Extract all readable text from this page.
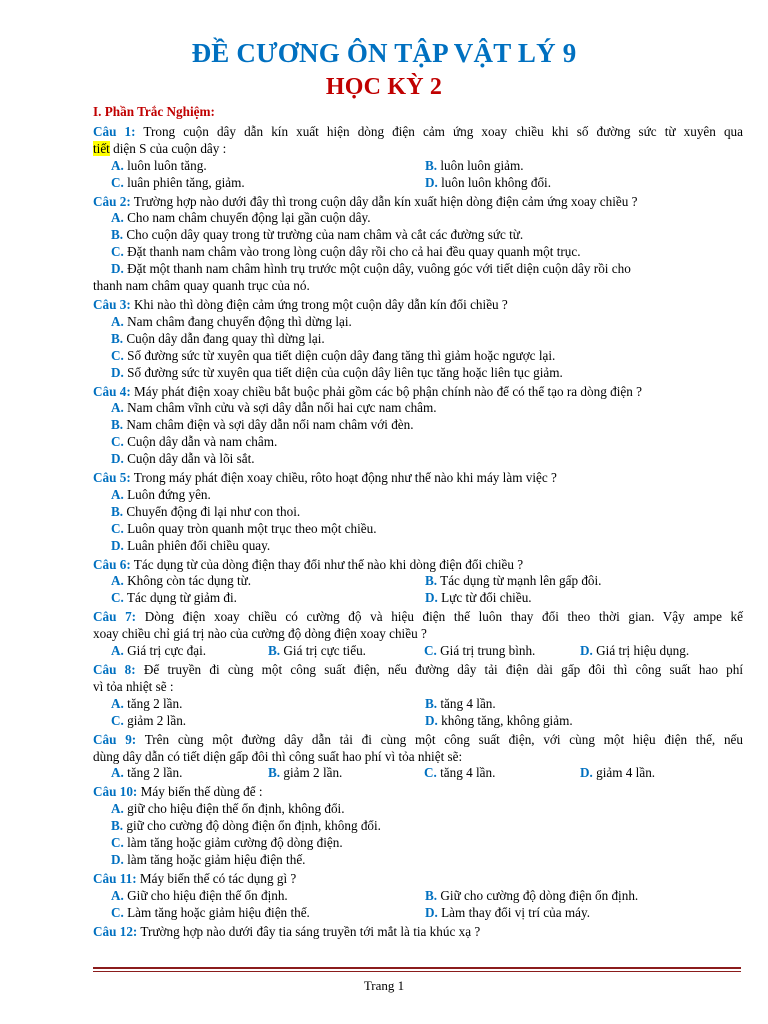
ĐỀ CƯƠNG ÔN TẬP VẬT LÝ 9
HỌC KỲ 2
I. Phần Trắc Nghiệm:
Câu 1: Trong cuộn dây dẫn kín xuất hiện dòng điện cảm ứng xoay chiều khi số đường sức từ xuyên qua
tiết diện S của cuộn dây :
A. luôn luôn tăng.	B. luôn luôn giảm.
C. luân phiên tăng, giảm.	D. luôn luôn không đổi.
Câu 2: Trường hợp nào dưới đây thì trong cuộn dây dẫn kín xuất hiện dòng điện cảm ứng xoay chiều ?
A. Cho nam châm chuyển động lại gần cuộn dây.
B. Cho cuộn dây quay trong từ trường của nam châm và cắt các đường sức từ.
C. Đặt thanh nam châm vào trong lòng cuộn dây rồi cho cả hai đều quay quanh một trục.
D. Đặt một thanh nam châm hình trụ trước một cuộn dây, vuông góc với tiết diện cuộn dây rồi cho
thanh nam châm quay quanh trục của nó.
Câu 3: Khi nào thì dòng điện cảm ứng trong một cuộn dây dẫn kín đổi chiều ?
A. Nam châm đang chuyển động thì dừng lại.
B. Cuộn dây dẫn đang quay thì dừng lại.
C. Số đường sức từ xuyên qua tiết diện cuộn dây đang tăng thì giảm hoặc ngược lại.
D. Số đường sức từ xuyên qua tiết diện của cuộn dây liên tục tăng hoặc liên tục giảm.
Câu 4: Máy phát điện xoay chiều bắt buộc phải gồm các bộ phận chính nào để có thể tạo ra dòng điện ?
A. Nam châm vĩnh cửu và sợi dây dẫn nối hai cực nam châm.
B. Nam châm điện và sợi dây dẫn nối nam châm với đèn.
C. Cuộn dây dẫn và nam châm.
D. Cuộn dây dẫn và lõi sắt.
Câu 5: Trong máy phát điện xoay chiều, rôto hoạt động như thế nào khi máy làm việc ?
A. Luôn đứng yên.
B. Chuyển động đi lại như con thoi.
C. Luôn quay tròn quanh một trục theo một chiều.
D. Luân phiên đổi chiều quay.
Câu 6: Tác dụng từ của dòng điện thay đổi như thế nào khi dòng điện đổi chiều ?
A. Không còn tác dụng từ.	B. Tác dụng từ mạnh lên gấp đôi.
C. Tác dụng từ giảm đi.	D. Lực từ đổi chiều.
Câu 7: Dòng điện xoay chiều có cường độ và hiệu điện thế luôn thay đổi theo thời gian. Vậy ampe kế
xoay chiều chỉ giá trị nào của cường độ dòng điện xoay chiều ?
A. Giá trị cực đại.	B. Giá trị cực tiểu.	C. Giá trị trung bình.	D. Giá trị hiệu dụng.
Câu 8: Để truyền đi cùng một công suất điện, nếu đường dây tải điện dài gấp đôi thì công suất hao phí
vì tỏa nhiệt sẽ :
A. tăng 2 lần.	B. tăng 4 lần.
C. giảm 2 lần.	D. không tăng, không giảm.
Câu 9: Trên cùng một đường dây dẫn tải đi cùng một công suất điện, với cùng một hiệu điện thế, nếu
dùng dây dẫn có tiết diện gấp đôi thì công suất hao phí vì tỏa nhiệt sẽ:
A. tăng 2 lần.	B. giảm 2 lần.	C. tăng 4 lần.	D. giảm 4 lần.
Câu 10: Máy biến thế dùng để :
A. giữ cho hiệu điện thế ổn định, không đổi.
B. giữ cho cường độ dòng điện ổn định, không đổi.
C. làm tăng hoặc giảm cường độ dòng điện.
D. làm tăng hoặc giảm hiệu điện thế.
Câu 11: Máy biến thế có tác dụng gì ?
A. Giữ cho hiệu điện thế ổn định.	B. Giữ cho cường độ dòng điện ổn định.
C. Làm tăng hoặc giảm hiệu điện thế.	D. Làm thay đổi vị trí của máy.
Câu 12: Trường hợp nào dưới đây tia sáng truyền tới mắt là tia khúc xạ ?
Trang 1
